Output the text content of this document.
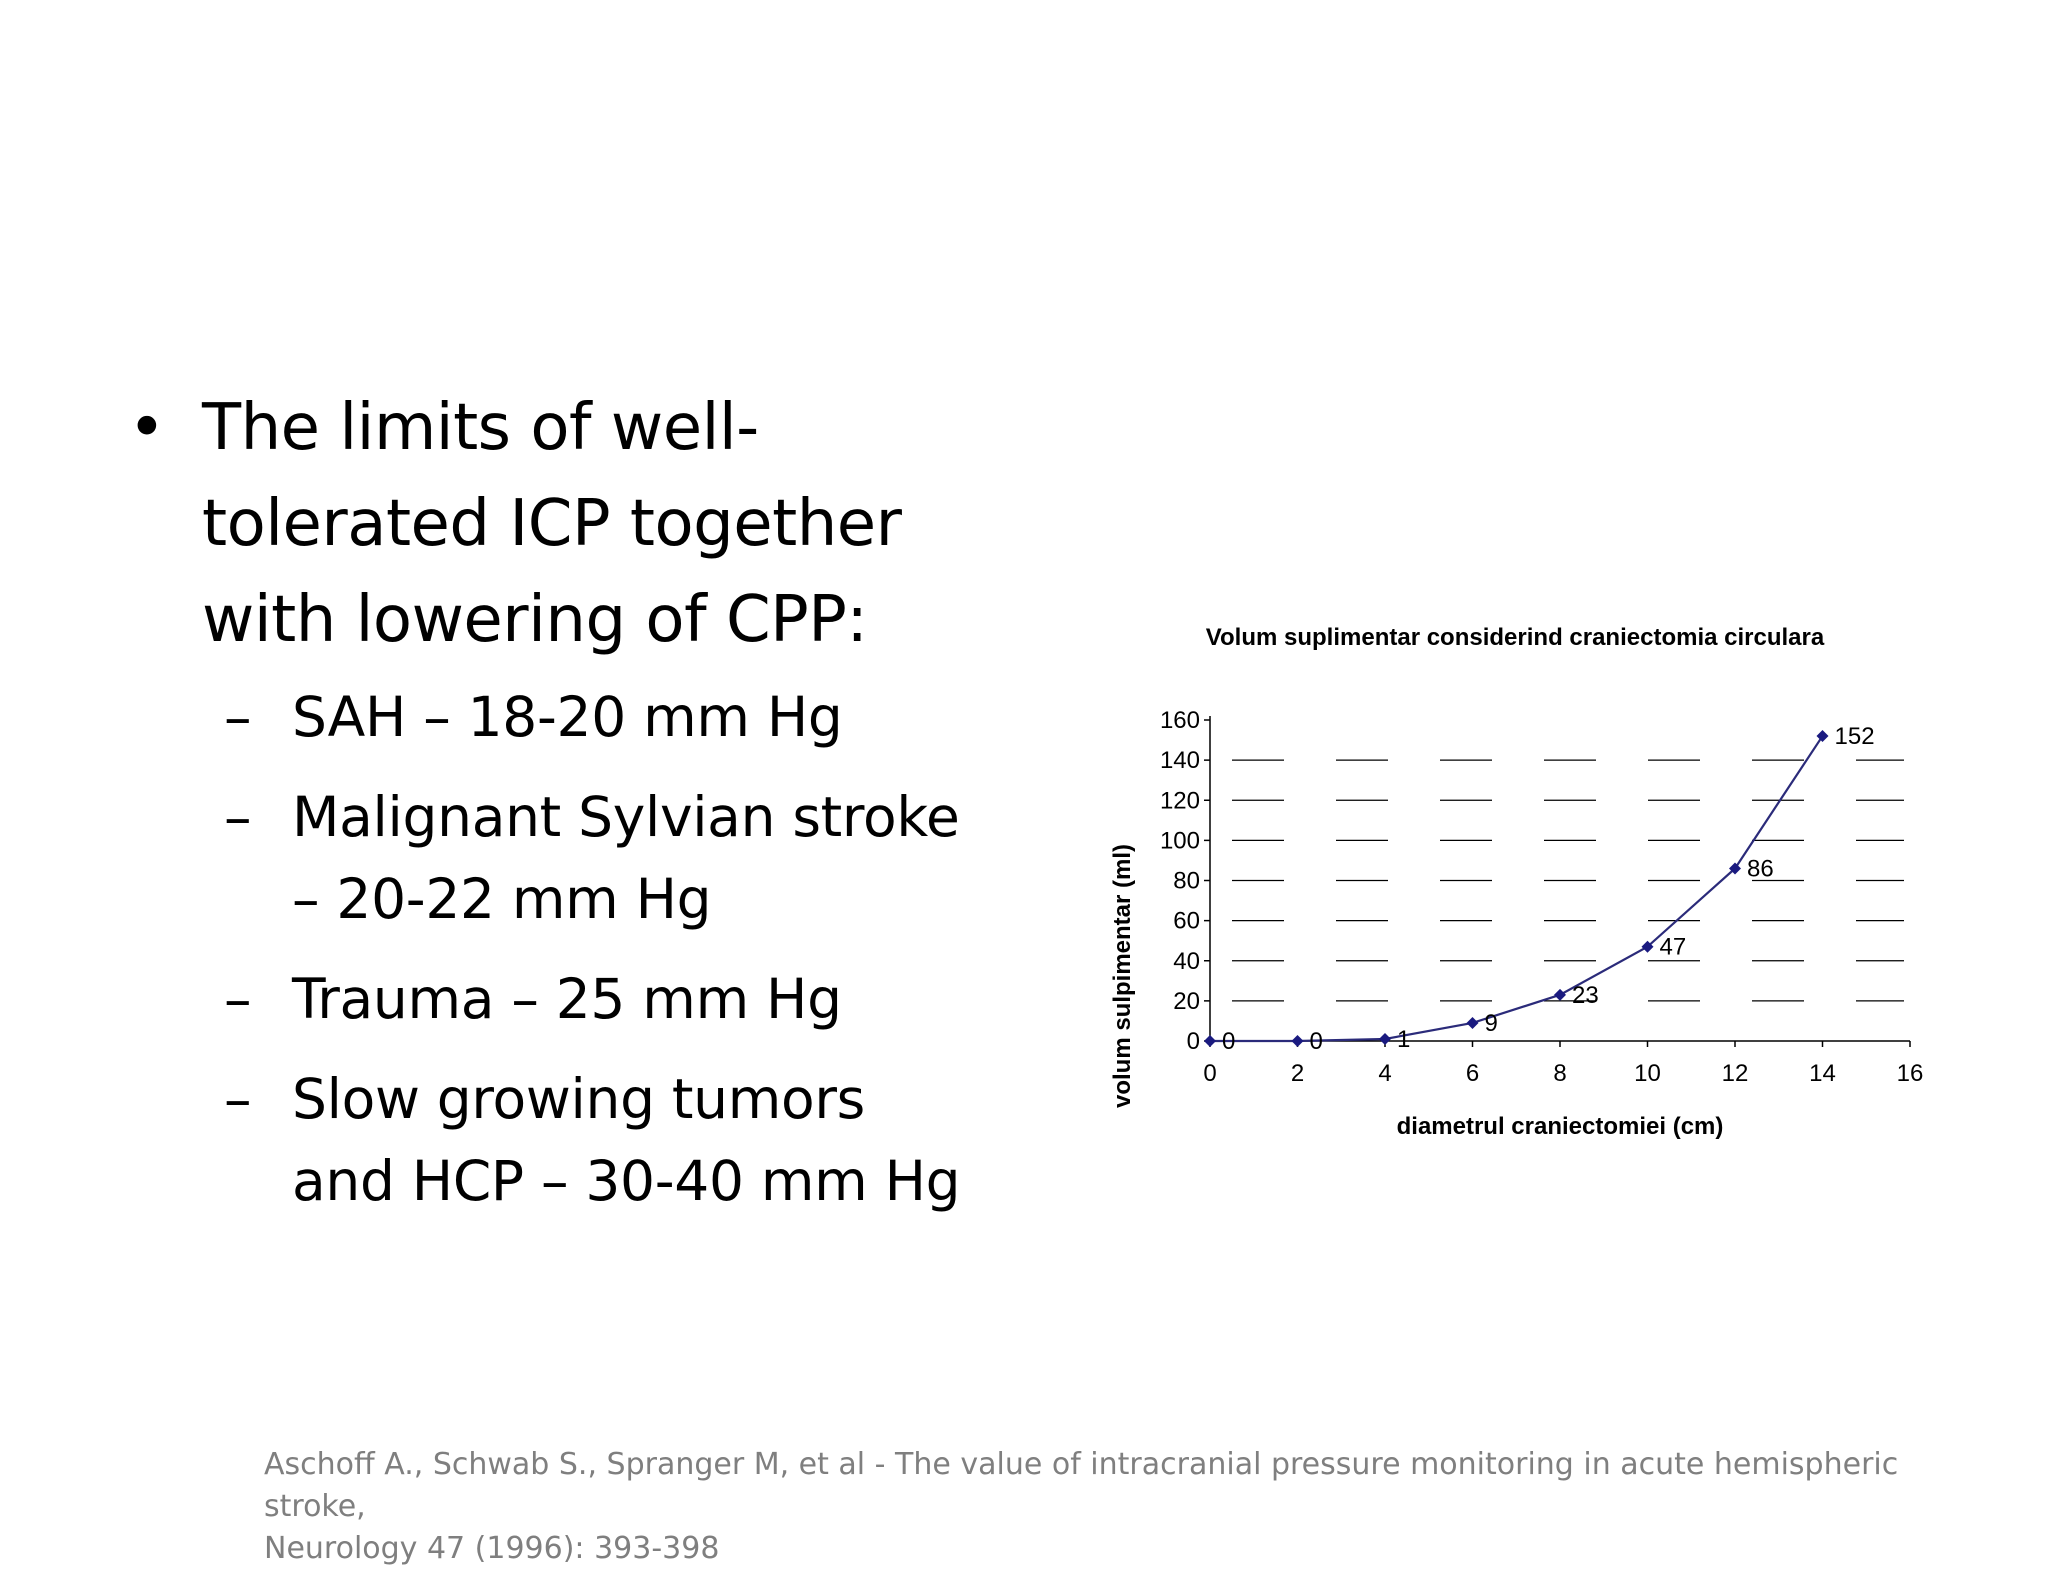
• The limits of well-
tolerated ICP together
with lowering of CPP:
– SAH – 18-20 mm Hg
– Malignant Sylvian stroke
– 20-22 mm Hg
– Trauma – 25 mm Hg
– Slow growing tumors
and HCP – 30-40 mm Hg
Volum suplimentar considerind craniectomia circulara
0
20
40
60
80
100
120
140
160
0	2	4	6	8	10	12	14	16
0	0	1
9
23
47
86
152
diametrul craniectomiei (cm)
volum sulpimentar (ml)
Aschoff A., Schwab S., Spranger M, et al - The value of intracranial pressure monitoring in acute hemispheric stroke,
Neurology 47 (1996): 393-398
